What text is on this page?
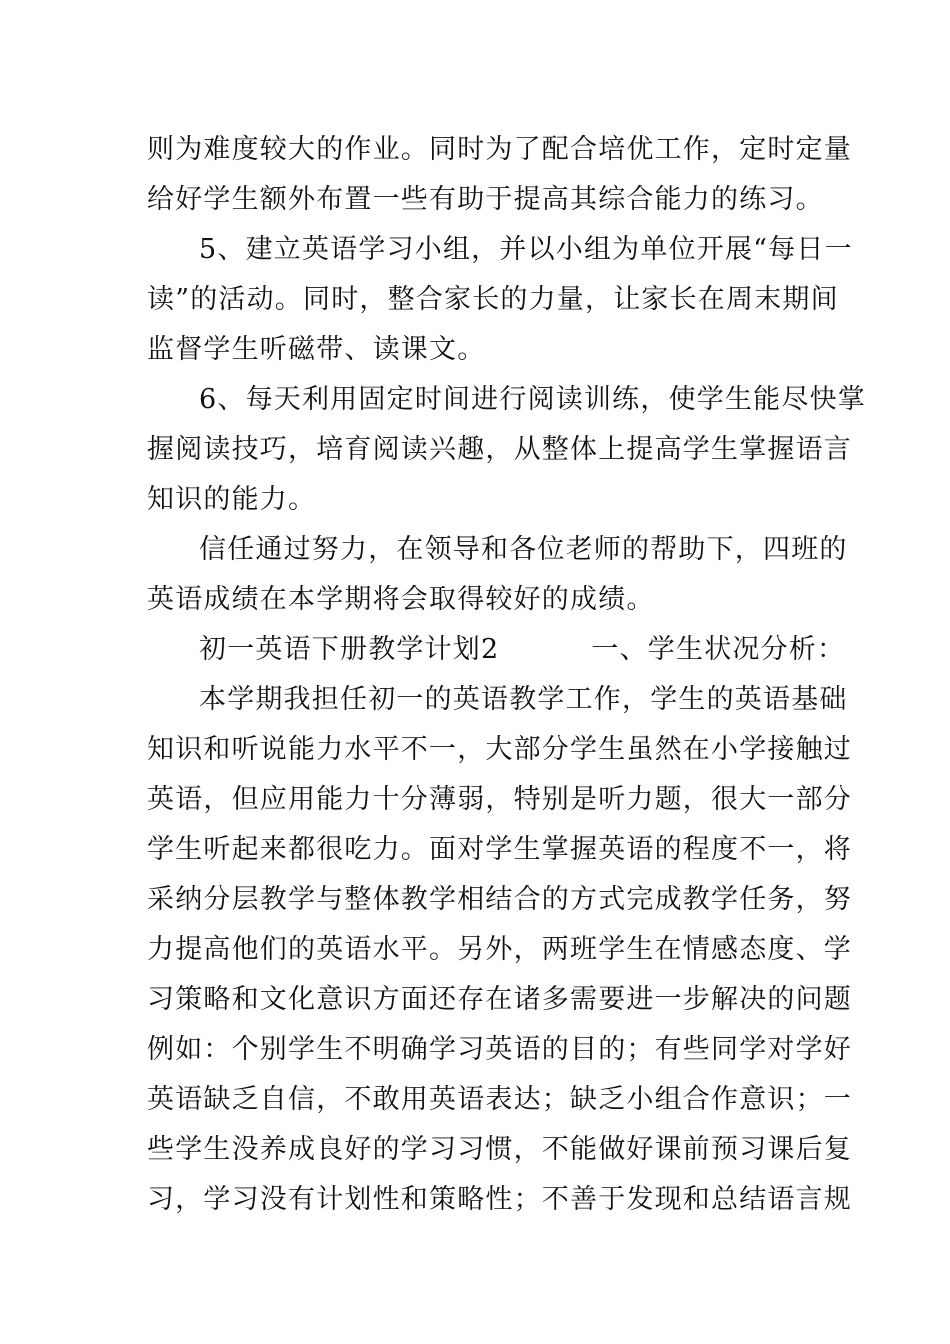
则为难度较大的作业。同时为了配合培优工作，定时定量
给好学生额外布置一些有助于提高其综合能力的练习。
5、建立英语学习小组，并以小组为单位开展“每日一
读”的活动。同时，整合家长的力量，让家长在周末期间
监督学生听磁带、读课文。
6、每天利用固定时间进行阅读训练，使学生能尽快掌
握阅读技巧，培育阅读兴趣，从整体上提高学生掌握语言
知识的能力。
信任通过努力，在领导和各位老师的帮助下，四班的
英语成绩在本学期将会取得较好的成绩。
初一英语下册教学计划2	一、学生状况分析：
本学期我担任初一的英语教学工作，学生的英语基础
知识和听说能力水平不一，大部分学生虽然在小学接触过
英语，但应用能力十分薄弱，特别是听力题，很大一部分
学生听起来都很吃力。面对学生掌握英语的程度不一，将
采纳分层教学与整体教学相结合的方式完成教学任务，努
力提高他们的英语水平。另外，两班学生在情感态度、学
习策略和文化意识方面还存在诸多需要进一步解决的问题
例如：个别学生不明确学习英语的目的；有些同学对学好
英语缺乏自信，不敢用英语表达；缺乏小组合作意识；一
些学生没养成良好的学习习惯，不能做好课前预习课后复
习，学习没有计划性和策略性；不善于发现和总结语言规
